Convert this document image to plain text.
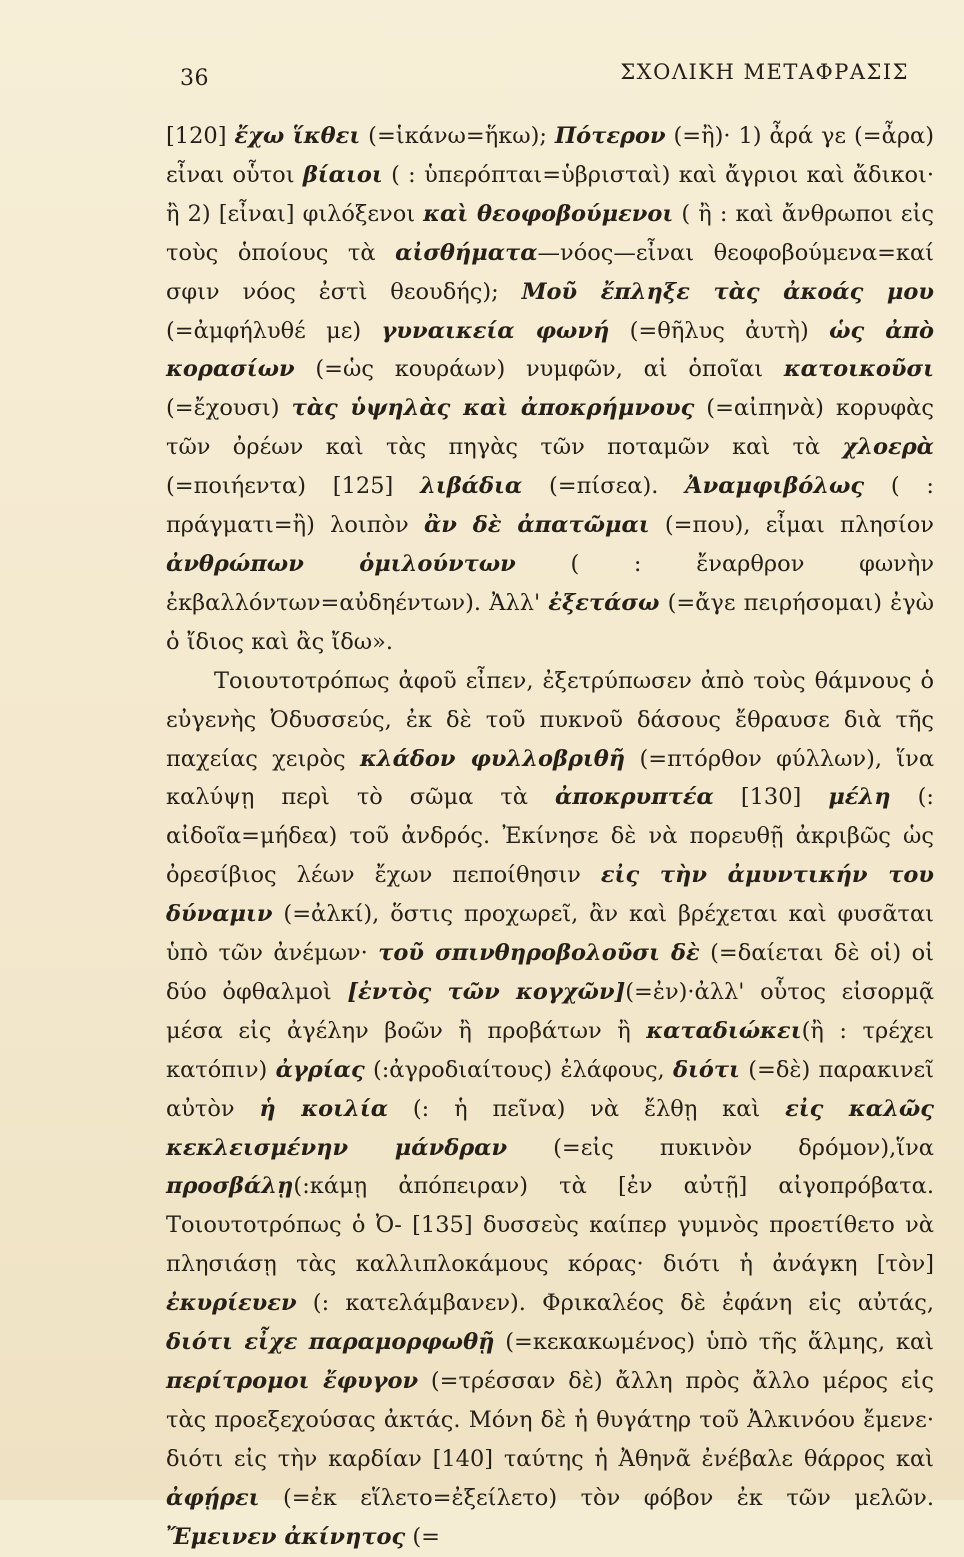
36	ΣΧΟΛΙΚΗ ΜΕΤΑΦΡΑΣΙΣ

[120] ἔχω ἵκθει (=ἱκάνω=ἥκω); Πότερον (=ἢ)· 1) ἆρά γε (=ἆρα) εἶναι οὗτοι βίαιοι ( : ὑπερόπται=ὑβρισταὶ) καὶ ἄγριοι καὶ ἄδικοι· ἢ 2) [εἶναι] φιλόξενοι καὶ θεοφοβούμενοι ( ἢ : καὶ ἄνθρωποι εἰς τοὺς ὁποίους τὰ αἰσθήματα—νόος—εἶναι θεοφοβούμενα=καί σφιν νόος ἐστὶ θεουδής); Μοῦ ἔπληξε τὰς ἀκοάς μου (=ἀμφήλυθέ με) γυναικεία φωνή (=θῆλυς ἀυτὴ) ὡς ἀπὸ κορασίων (=ὡς κουράων) νυμφῶν, αἱ ὁποῖαι κατοικοῦσι (=ἔχουσι) τὰς ὑψηλὰς καὶ ἀποκρήμνους (=αἰπηνὰ) κορυφὰς τῶν ὀρέων καὶ τὰς πηγὰς τῶν ποταμῶν καὶ τὰ χλοερὰ (=ποιήεντα) [125] λιβάδια (=πίσεα). Ἀναμφιβόλως ( : πράγματι=ἢ) λοιπὸν ἂν δὲ ἀπατῶμαι (=που), εἶμαι πλησίον ἀνθρώπων ὁμιλούντων ( : ἔναρθρον φωνὴν ἐκβαλλόντων=αὐδηέντων). Ἀλλ' ἐξετάσω (=ἄγε πειρήσομαι) ἐγὼ ὁ ἴδιος καὶ ἂς ἴδω».

Τοιουτοτρόπως ἀφοῦ εἶπεν, ἐξετρύπωσεν ἀπὸ τοὺς θάμνους ὁ εὐγενὴς Ὀδυσσεύς, ἐκ δὲ τοῦ πυκνοῦ δάσους ἔθραυσε διὰ τῆς παχείας χειρὸς κλάδον φυλλοβριθῆ (=πτόρθον φύλλων), ἵνα καλύψῃ περὶ τὸ σῶμα τὰ ἀποκρυπτέα [130] μέλη (: αἰδοῖα=μήδεα) τοῦ ἀνδρός. Ἐκίνησε δὲ νὰ πορευθῇ ἀκριβῶς ὡς ὀρεσίβιος λέων ἔχων πεποίθησιν εἰς τὴν ἀμυντικήν του δύναμιν (=ἀλκί), ὅστις προχωρεῖ, ἂν καὶ βρέχεται καὶ φυσᾶται ὑπὸ τῶν ἀνέμων· τοῦ σπινθηροβολοῦσι δὲ (=δαίεται δὲ οἱ) οἱ δύο ὀφθαλμοὶ [ἐντὸς τῶν κογχῶν](=ἐν)·ἀλλ' οὗτος εἰσορμᾷ μέσα εἰς ἀγέλην βοῶν ἢ προβάτων ἢ καταδιώκει(ἢ : τρέχει κατόπιν) ἀγρίας (:ἀγροδιαίτους) ἐλάφους, διότι (=δὲ) παρακινεῖ αὐτὸν ἡ κοιλία (: ἡ πεῖνα) νὰ ἔλθῃ καὶ εἰς καλῶς κεκλεισμένην μάνδραν (=εἰς πυκινὸν δρόμον),ἵνα προσβάλῃ(:κάμῃ ἀπόπειραν) τὰ [ἐν αὐτῇ] αἰγοπρόβατα. Τοιουτοτρόπως ὁ Ὀ- [135] δυσσεὺς καίπερ γυμνὸς προετίθετο νὰ πλησιάσῃ τὰς καλλιπλοκάμους κόρας· διότι ἡ ἀνάγκη [τὸν] ἐκυρίευεν (: κατελάμβανεν). Φρικαλέος δὲ ἐφάνη εἰς αὐτάς, διότι εἶχε παραμορφωθῇ (=κεκακωμένος) ὑπὸ τῆς ἅλμης, καὶ περίτρομοι ἔφυγον (=τρέσσαν δὲ) ἄλλη πρὸς ἄλλο μέρος εἰς τὰς προεξεχούσας ἀκτάς. Μόνη δὲ ἡ θυγάτηρ τοῦ Ἀλκινόου ἔμενε· διότι εἰς τὴν καρδίαν [140] ταύτης ἡ Ἀθηνᾶ ἐνέβαλε θάρρος καὶ ἀφῄρει (=ἐκ εἵλετο=ἐξείλετο) τὸν φόβον ἐκ τῶν μελῶν. Ἔμεινεν ἀκίνητος (=
